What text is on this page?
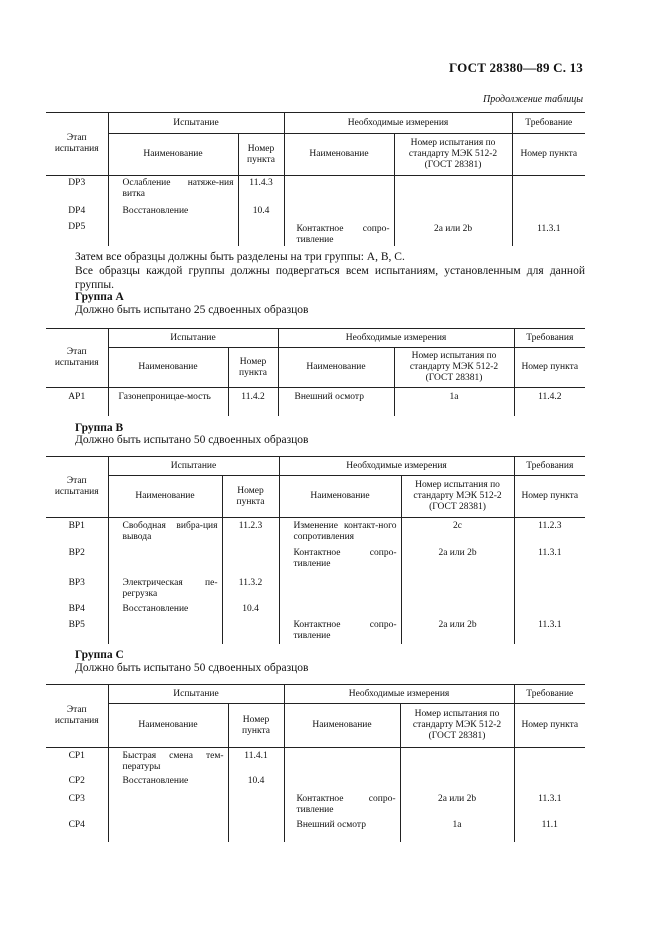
ГОСТ 28380—89 С. 13
Продолжение таблицы
Этап испытания	Испытание		Необходимые измерения		Требование
	Наименование	Номер пункта	Наименование	Номер испытания по стандарту МЭК 512-2 (ГОСТ 28381)	Номер пункта
DP3	Ослабление натяже-ния витка	11.4.3			
DP4	Восстановление	10.4			
DP5			Контактное сопро-тивление	2а или 2b	11.3.1
Затем все образцы должны быть разделены на три группы: А, В, С.
Все образцы каждой группы должны подвергаться всем испытаниям, установленным для данной группы.
Группа А
Должно быть испытано 25 сдвоенных образцов
Этап испытания	Испытание		Необходимые измерения		Требования
	Наименование	Номер пункта	Наименование	Номер испытания по стандарту МЭК 512-2 (ГОСТ 28381)	Номер пункта
AP1	Газонепроницае-мость	11.4.2	Внешний осмотр	1а	11.4.2
Группа В
Должно быть испытано 50 сдвоенных образцов
Этап испытания	Испытание		Необходимые измерения		Требования
	Наименование	Номер пункта	Наименование	Номер испытания по стандарту МЭК 512-2 (ГОСТ 28381)	Номер пункта
BP1	Свободная вибра-ция вывода	11.2.3	Изменение контакт-ного сопротивления	2с	11.2.3
BP2			Контактное сопро-тивление	2а или 2b	11.3.1
BP3	Электрическая пе-регрузка	11.3.2			
BP4	Восстановление	10.4			
BP5			Контактное сопро-тивление	2а или 2b	11.3.1
Группа С
Должно быть испытано 50 сдвоенных образцов
Этап испытания	Испытание		Необходимые измерения		Требование
	Наименование	Номер пункта	Наименование	Номер испытания по стандарту МЭК 512-2 (ГОСТ 28381)	Номер пункта
CP1	Быстрая смена тем-пературы	11.4.1			
CP2	Восстановление	10.4			
CP3			Контактное сопро-тивление	2а или 2b	11.3.1
CP4			Внешний осмотр	1а	11.1
